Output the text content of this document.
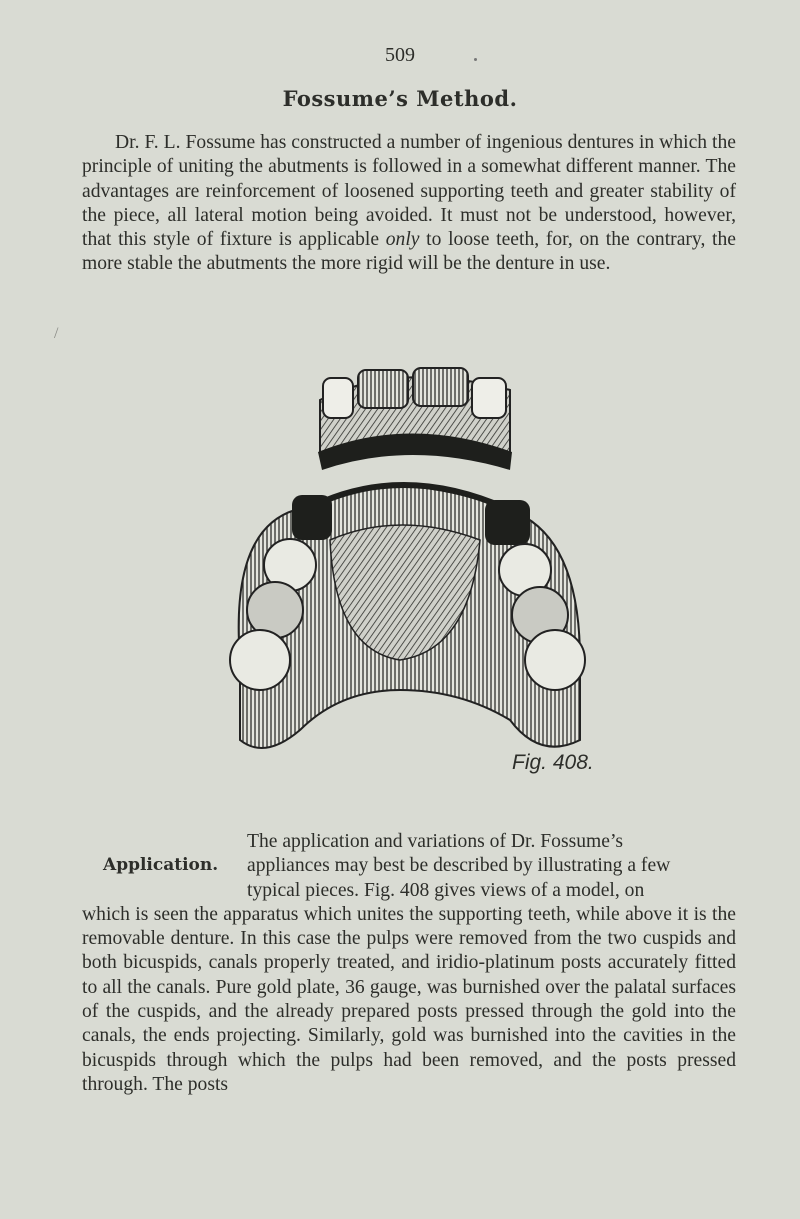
509
Fossume’s Method.

Dr. F. L. Fossume has constructed a number of ingenious dentures in which the principle of uniting the abutments is followed in a somewhat different manner. The advantages are reinforcement of loosened supporting teeth and greater stability of the piece, all lateral motion being avoided. It must not be understood, however, that this style of fixture is applicable only to loose teeth, for, on the contrary, the more stable the abutments the more rigid will be the denture in use.

/
Fig. 408.
Application.
The application and variations of Dr. Fossume’s
appliances may best be described by illustrating a few
typical pieces. Fig. 408 gives views of a model, on

which is seen the apparatus which unites the supporting teeth, while above it is the removable denture. In this case the pulps were removed from the two cuspids and both bicuspids, canals properly treated, and iridio-platinum posts accurately fitted to all the canals. Pure gold plate, 36 gauge, was burnished over the palatal surfaces of the cuspids, and the already prepared posts pressed through the gold into the canals, the ends projecting. Similarly, gold was burnished into the cavities in the bicuspids through which the pulps had been removed, and the posts pressed through. The posts
